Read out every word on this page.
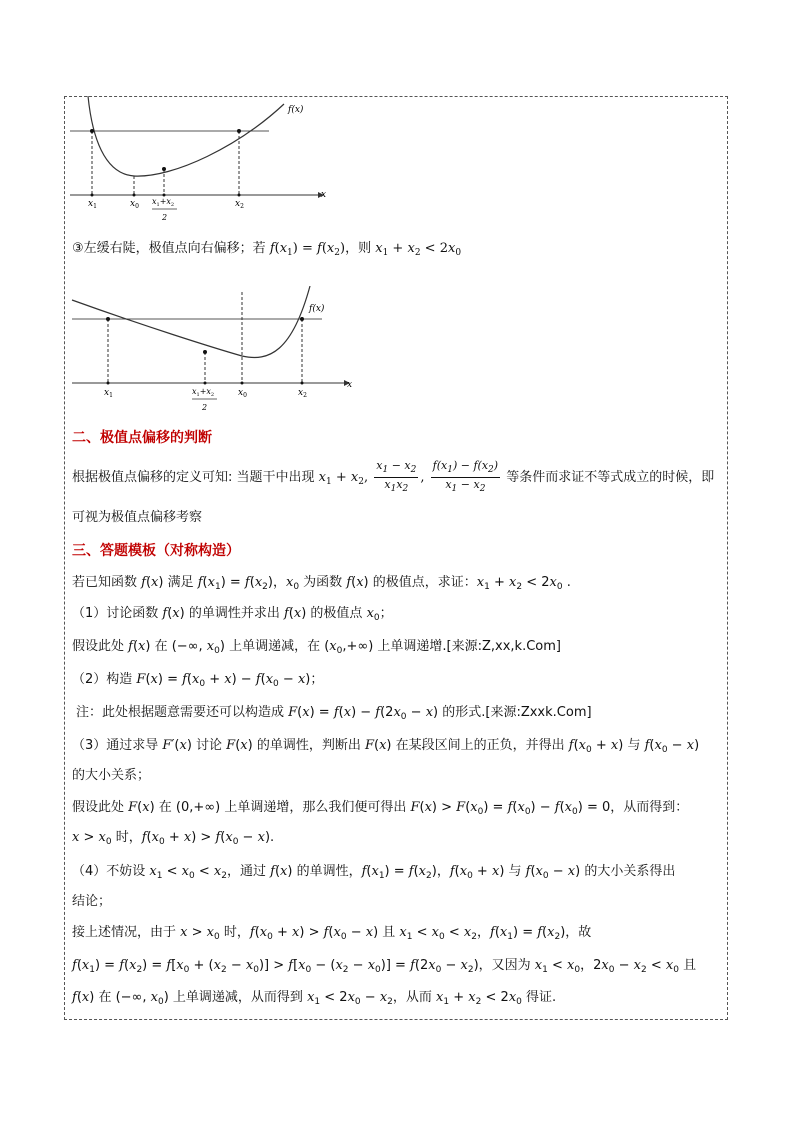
f(x)
x
$x_1$	$x_0$
$x_1+x_2$
2
$x_2$
③左缓右陡，极值点向右偏移；若 $f(x_1) = f(x_2)$，则 $x_1 + x_2 < 2x_0$
f(x)
x
$x_1$	$x_1+x_2$
2
$x_0$	$x_2$
二、极值点偏移的判断
根据极值点偏移的定义可知: 当题干中出现 $x_1 + x_2$, $\frac{x_1 - x_2}{x_1x_2}$ , $\frac{f(x_1) - f(x_2)}{x_1 - x_2}$ 等条件而求证不等式成立的时候，即
可视为极值点偏移考察
三、答题模板（对称构造）
若已知函数 f(x) 满足 $f(x_1) = f(x_2)$，$x_0$ 为函数 f(x) 的极值点，求证：$x_1 + x_2 < 2x_0$ .
（1）讨论函数 f(x) 的单调性并求出 f(x) 的极值点 $x_0$；
假设此处 f(x) 在 (−∞, $x_0$) 上单调递减，在 $(x_0,+\infty)$ 上单调递增.[来源:Z,xx,k.Com]
（2）构造 $F(x) = f(x_0 + x) - f(x_0 - x)$；
注：此处根据题意需要还可以构造成 $F(x) = f(x) - f(2x_0 - x)$ 的形式.[来源:Zxxk.Com]
（3）通过求导 F′(x) 讨论 F(x) 的单调性，判断出 F(x) 在某段区间上的正负，并得出 $f(x_0 + x)$ 与 $f(x_0 - x)$
的大小关系；
假设此处 F(x) 在 (0,+∞) 上单调递增，那么我们便可得出 $F(x) > F(x_0) = f(x_0) - f(x_0) = 0$，从而得到：
$x > x_0$ 时，$f(x_0 + x) > f(x_0 - x)$.
（4）不妨设 $x_1 < x_0 < x_2$，通过 f(x) 的单调性，$f(x_1) = f(x_2)$，$f(x_0 + x)$ 与 $f(x_0 - x)$ 的大小关系得出
结论；
接上述情况，由于 $x > x_0$ 时，$f(x_0 + x) > f(x_0 - x)$ 且 $x_1 < x_0 < x_2$，$f(x_1) = f(x_2)$，故
$f(x_1) = f(x_2) = f[x_0 + (x_2 - x_0)] > f[x_0 - (x_2 - x_0)] = f(2x_0 - x_2)$，又因为 $x_1 < x_0$，$2x_0 - x_2 < x_0$ 且
f(x) 在 (−∞, $x_0$) 上单调递减，从而得到 $x_1 < 2x_0 - x_2$，从而 $x_1 + x_2 < 2x_0$ 得证.
